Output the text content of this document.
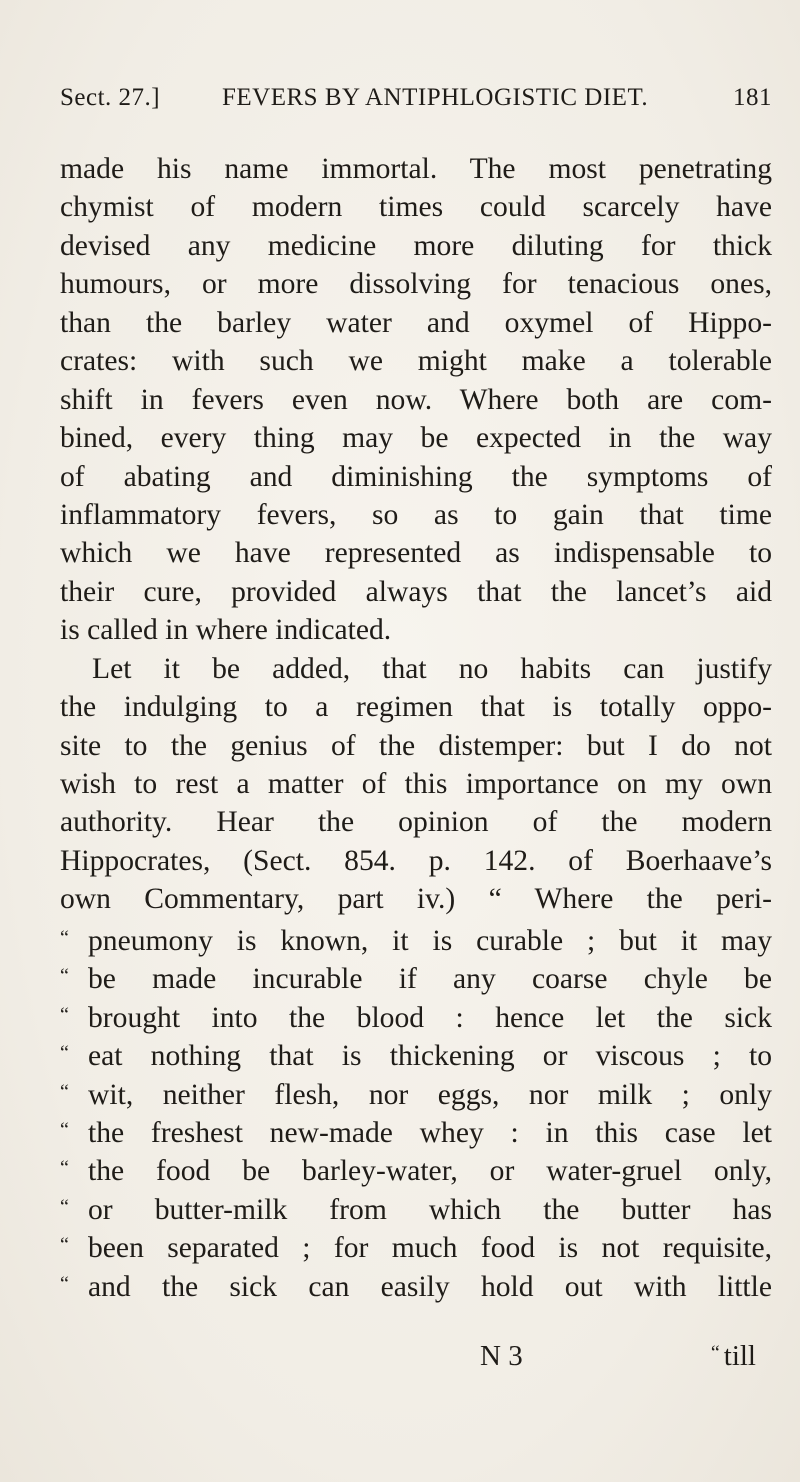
Sect. 27.] FEVERS BY ANTIPHLOGISTIC DIET.	181
made his name immortal. The most penetrating
chymist of modern times could scarcely have
devised any medicine more diluting for thick
humours, or more dissolving for tenacious ones,
than the barley water and oxymel of Hippo-
crates: with such we might make a tolerable
shift in fevers even now. Where both are com-
bined, every thing may be expected in the way
of abating and diminishing the symptoms of
inflammatory fevers, so as to gain that time
which we have represented as indispensable to
their cure, provided always that the lancet’s aid
is called in where indicated.
Let it be added, that no habits can justify
the indulging to a regimen that is totally oppo-
site to the genius of the distemper: but I do not
wish to rest a matter of this importance on my own
authority. Hear the opinion of the modern
Hippocrates, (Sect. 854. p. 142. of Boerhaave’s
own Commentary, part iv.) “ Where the peri-
“ pneumony is known, it is curable ; but it may
“ be made incurable if any coarse chyle be
“ brought into the blood : hence let the sick
“ eat nothing that is thickening or viscous ; to
“ wit, neither flesh, nor eggs, nor milk ; only
“ the freshest new-made whey : in this case let
“ the food be barley-water, or water-gruel only,
“ or butter-milk from which the butter has
“ been separated ; for much food is not requisite,
“ and the sick can easily hold out with little
N 3	“ till
